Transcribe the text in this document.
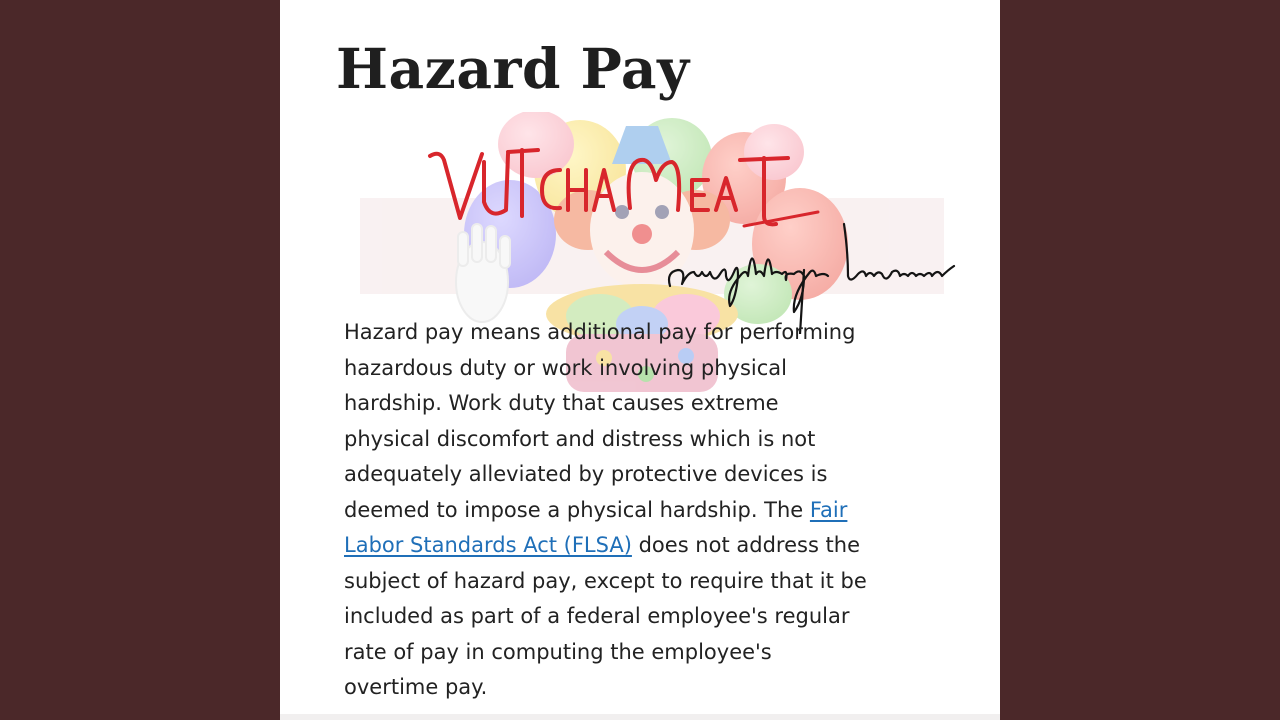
Hazard Pay

Hazard pay means additional pay for performing
hazardous duty or work involving physical
hardship. Work duty that causes extreme
physical discomfort and distress which is not
adequately alleviated by protective devices is
deemed to impose a physical hardship. The Fair
Labor Standards Act (FLSA) does not address the
subject of hazard pay, except to require that it be
included as part of a federal employee's regular
rate of pay in computing the employee's
overtime pay.
